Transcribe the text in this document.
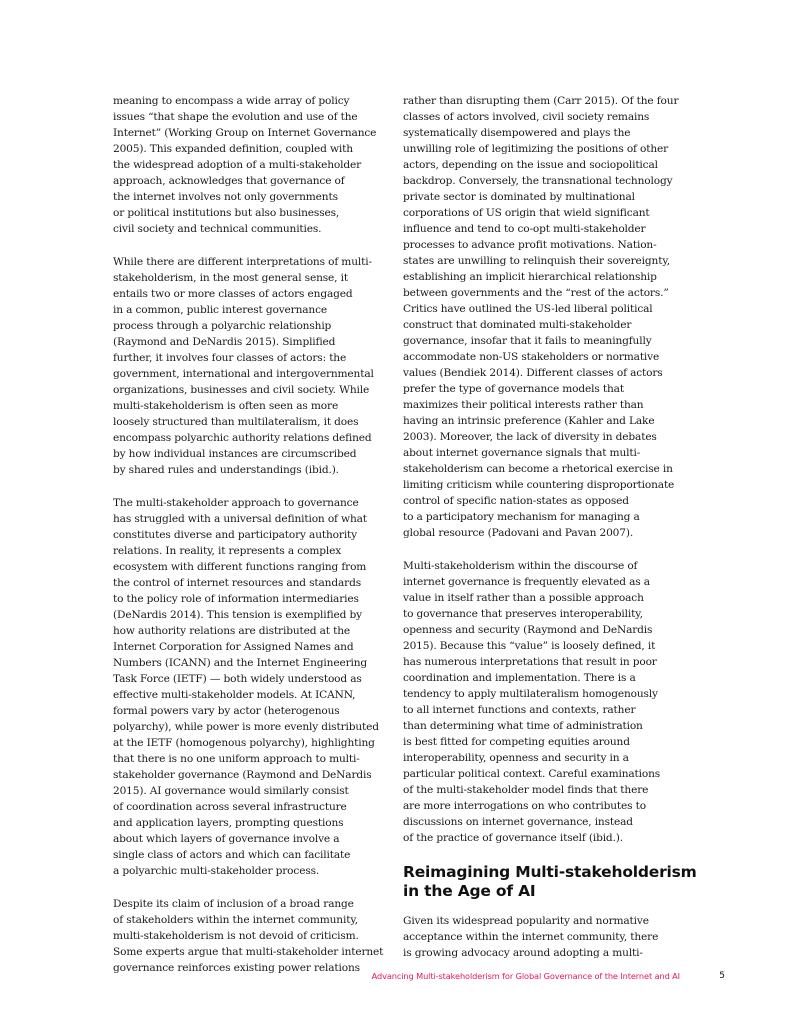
meaning to encompass a wide array of policy
issues “that shape the evolution and use of the
Internet” (Working Group on Internet Governance
2005). This expanded definition, coupled with
the widespread adoption of a multi-stakeholder
approach, acknowledges that governance of
the internet involves not only governments
or political institutions but also businesses,
civil society and technical communities.

While there are different interpretations of multi-
stakeholderism, in the most general sense, it
entails two or more classes of actors engaged
in a common, public interest governance
process through a polyarchic relationship
(Raymond and DeNardis 2015). Simplified
further, it involves four classes of actors: the
government, international and intergovernmental
organizations, businesses and civil society. While
multi-stakeholderism is often seen as more
loosely structured than multilateralism, it does
encompass polyarchic authority relations defined
by how individual instances are circumscribed
by shared rules and understandings (ibid.).

The multi-stakeholder approach to governance
has struggled with a universal definition of what
constitutes diverse and participatory authority
relations. In reality, it represents a complex
ecosystem with different functions ranging from
the control of internet resources and standards
to the policy role of information intermediaries
(DeNardis 2014). This tension is exemplified by
how authority relations are distributed at the
Internet Corporation for Assigned Names and
Numbers (ICANN) and the Internet Engineering
Task Force (IETF) — both widely understood as
effective multi-stakeholder models. At ICANN,
formal powers vary by actor (heterogenous
polyarchy), while power is more evenly distributed
at the IETF (homogenous polyarchy), highlighting
that there is no one uniform approach to multi-
stakeholder governance (Raymond and DeNardis
2015). AI governance would similarly consist
of coordination across several infrastructure
and application layers, prompting questions
about which layers of governance involve a
single class of actors and which can facilitate
a polyarchic multi-stakeholder process.

Despite its claim of inclusion of a broad range
of stakeholders within the internet community,
multi-stakeholderism is not devoid of criticism.
Some experts argue that multi-stakeholder internet
governance reinforces existing power relations

rather than disrupting them (Carr 2015). Of the four
classes of actors involved, civil society remains
systematically disempowered and plays the
unwilling role of legitimizing the positions of other
actors, depending on the issue and sociopolitical
backdrop. Conversely, the transnational technology
private sector is dominated by multinational
corporations of US origin that wield significant
influence and tend to co-opt multi-stakeholder
processes to advance profit motivations. Nation-
states are unwilling to relinquish their sovereignty,
establishing an implicit hierarchical relationship
between governments and the “rest of the actors.”
Critics have outlined the US-led liberal political
construct that dominated multi-stakeholder
governance, insofar that it fails to meaningfully
accommodate non-US stakeholders or normative
values (Bendiek 2014). Different classes of actors
prefer the type of governance models that
maximizes their political interests rather than
having an intrinsic preference (Kahler and Lake
2003). Moreover, the lack of diversity in debates
about internet governance signals that multi-
stakeholderism can become a rhetorical exercise in
limiting criticism while countering disproportionate
control of specific nation-states as opposed
to a participatory mechanism for managing a
global resource (Padovani and Pavan 2007).

Multi-stakeholderism within the discourse of
internet governance is frequently elevated as a
value in itself rather than a possible approach
to governance that preserves interoperability,
openness and security (Raymond and DeNardis
2015). Because this “value” is loosely defined, it
has numerous interpretations that result in poor
coordination and implementation. There is a
tendency to apply multilateralism homogenously
to all internet functions and contexts, rather
than determining what time of administration
is best fitted for competing equities around
interoperability, openness and security in a
particular political context. Careful examinations
of the multi-stakeholder model finds that there
are more interrogations on who contributes to
discussions on internet governance, instead
of the practice of governance itself (ibid.).

Reimagining Multi-stakeholderism
in the Age of AI

Given its widespread popularity and normative
acceptance within the internet community, there
is growing advocacy around adopting a multi-

Advancing Multi-stakeholderism for Global Governance of the Internet and AI	5
